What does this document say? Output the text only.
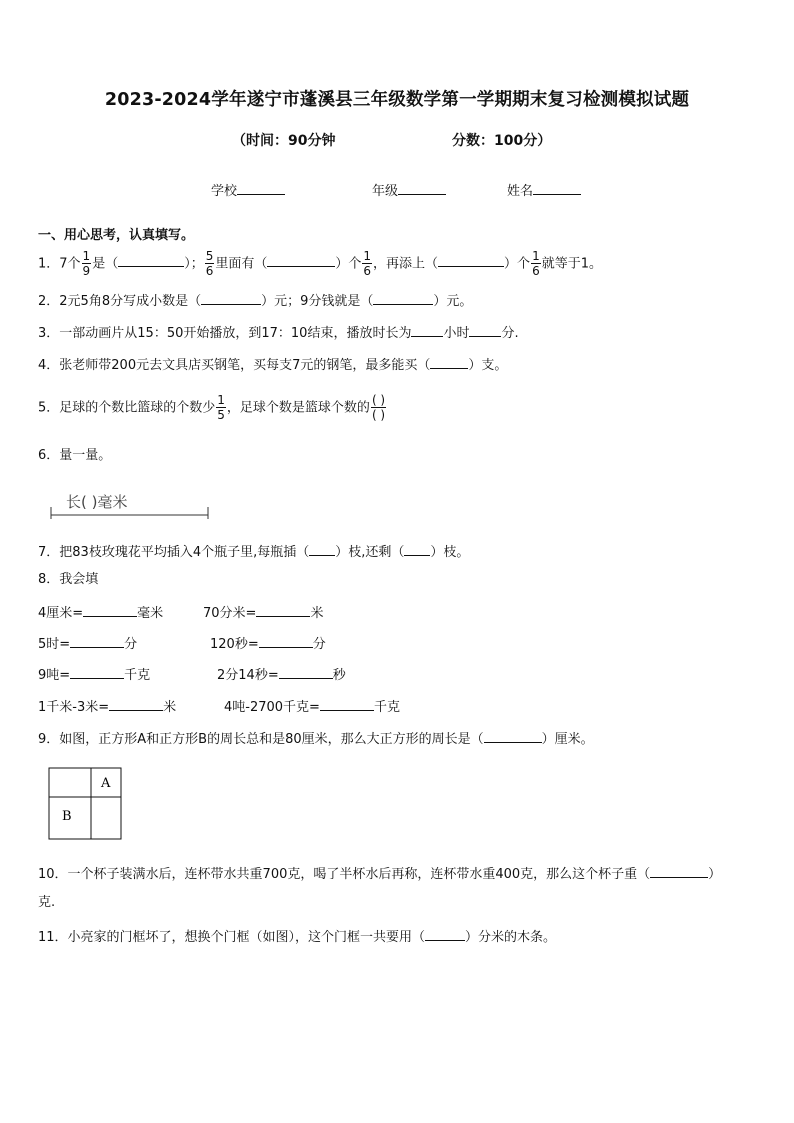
2023-2024学年遂宁市蓬溪县三年级数学第一学期期末复习检测模拟试题
（时间：90分钟	分数：100分）
学校	年级	姓名
一、用心思考，认真填写。
1．7个 $\frac{1}{9}$ 是（	）； $\frac{5}{6}$ 里面有（	）个 $\frac{1}{6}$ ，再添上（	）个 $\frac{1}{6}$ 就等于1。
2．2元5角8分写成小数是（	）元；9分钱就是（	）元。
3．一部动画片从15：50开始播放，到17：10结束，播放时长为 小时 分.
4．张老师带200元去文具店买钢笔，买每支7元的钢笔，最多能买（	）支。
5．足球的个数比篮球的个数少 $\frac{1}{5}$ ，足球个数是篮球个数的 $\frac{( )}{( )}$
6．量一量。
长( )毫米
7．把83枝玫瑰花平均插入4个瓶子里,每瓶插（ ）枝,还剩（ ）枝。
8．我会填
4厘米=	毫米	70分米=	米
5时=	分	120秒=	分
9吨=	千克	2分14秒=	秒
1千米-3米=	米	4吨-2700千克=	千克
9．如图，正方形A和正方形B的周长总和是80厘米，那么大正方形的周长是（	）厘米。
A
B
10．一个杯子装满水后，连杯带水共重700克，喝了半杯水后再称，连杯带水重400克，那么这个杯子重（	）
克.
11．小亮家的门框坏了，想换个门框（如图），这个门框一共要用（	）分米的木条。
